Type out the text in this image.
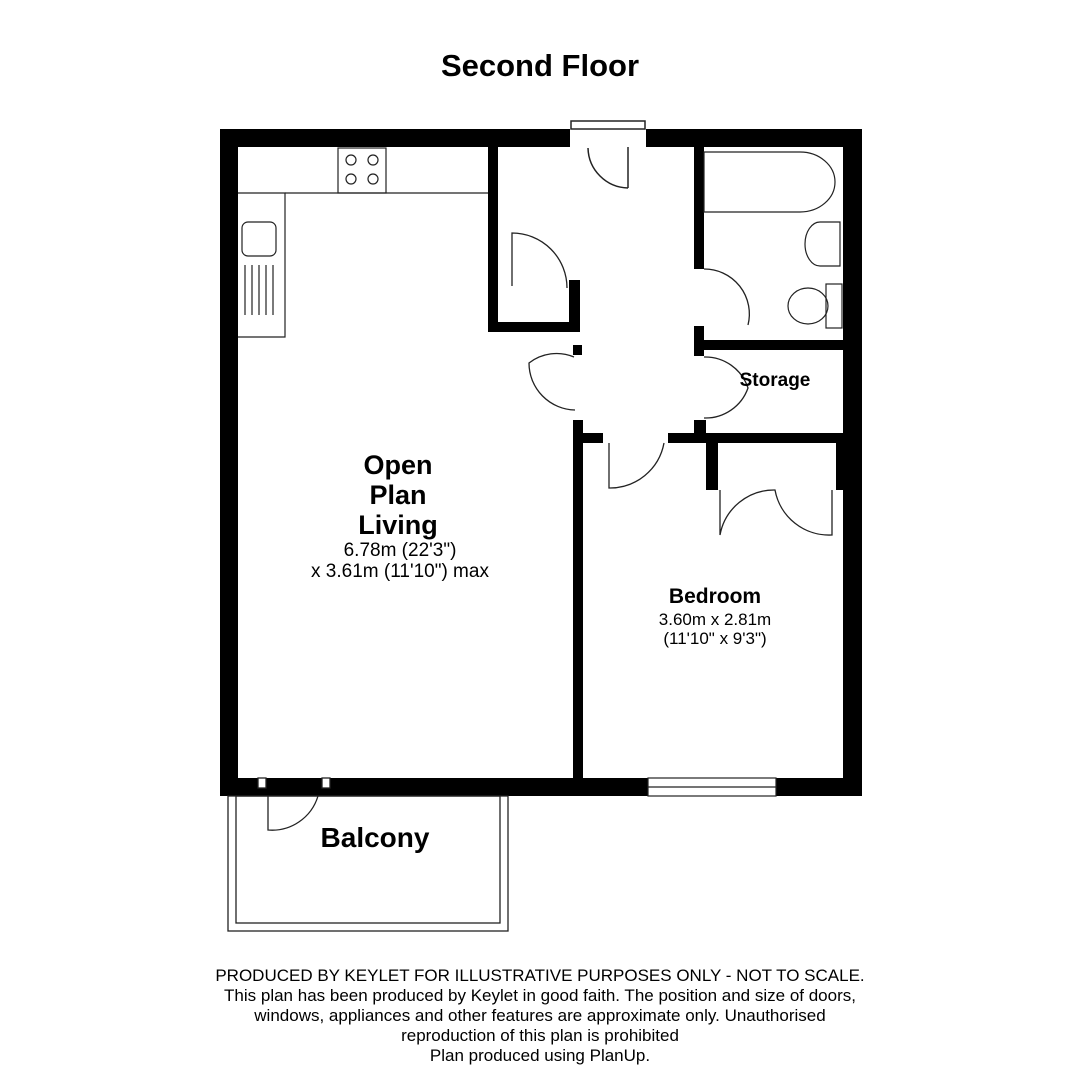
Second Floor
Open
Plan
Living
6.78m (22'3")
x 3.61m (11'10") max
Storage
Bedroom
3.60m x 2.81m
(11'10" x 9'3")
Balcony
PRODUCED BY KEYLET FOR ILLUSTRATIVE PURPOSES ONLY - NOT TO SCALE.
This plan has been produced by Keylet in good faith. The position and size of doors,
windows, appliances and other features are approximate only. Unauthorised
reproduction of this plan is prohibited
Plan produced using PlanUp.
